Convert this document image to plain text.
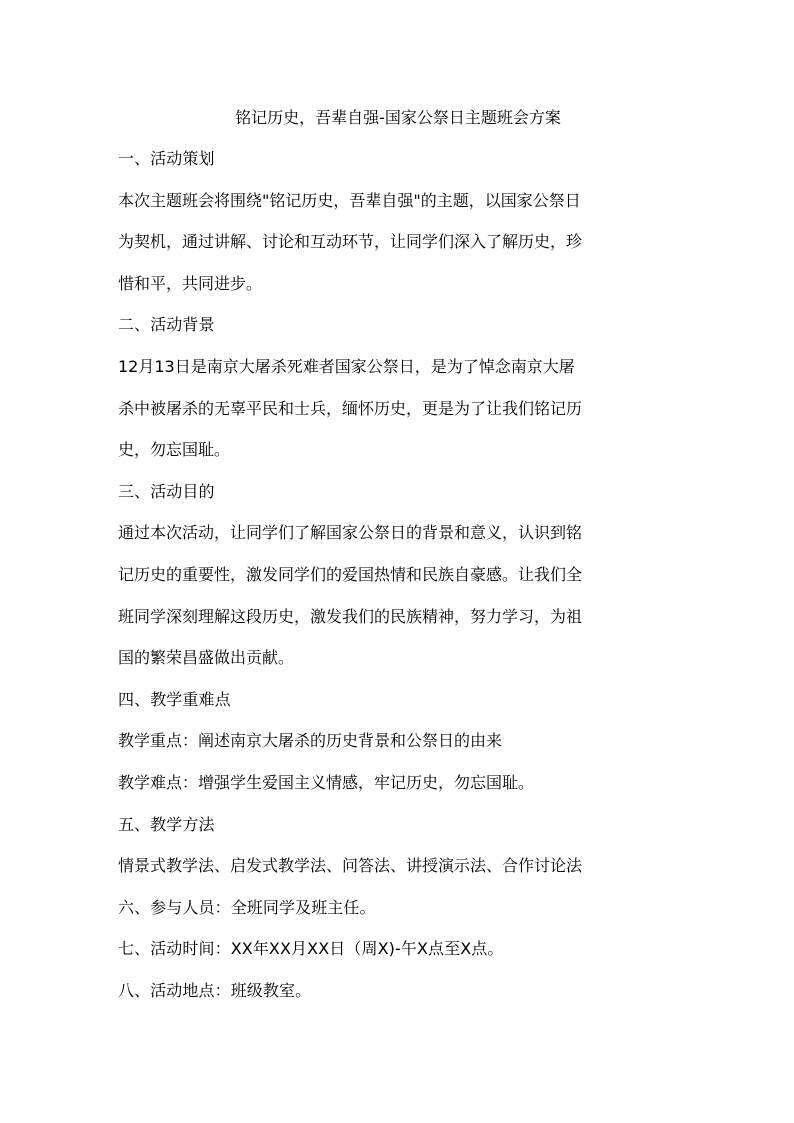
铭记历史，吾辈自强-国家公祭日主题班会方案

一、活动策划

本次主题班会将围绕"铭记历史，吾辈自强"的主题，以国家公祭日
为契机，通过讲解、讨论和互动环节，让同学们深入了解历史，珍
惜和平，共同进步。

二、活动背景

12月13日是南京大屠杀死难者国家公祭日，是为了悼念南京大屠
杀中被屠杀的无辜平民和士兵，缅怀历史，更是为了让我们铭记历
史，勿忘国耻。

三、活动目的

通过本次活动，让同学们了解国家公祭日的背景和意义，认识到铭
记历史的重要性，激发同学们的爱国热情和民族自豪感。让我们全
班同学深刻理解这段历史，激发我们的民族精神，努力学习，为祖
国的繁荣昌盛做出贡献。

四、教学重难点

教学重点：阐述南京大屠杀的历史背景和公祭日的由来
教学难点：增强学生爱国主义情感，牢记历史，勿忘国耻。

五、教学方法

情景式教学法、启发式教学法、问答法、讲授演示法、合作讨论法

六、参与人员：全班同学及班主任。

七、活动时间：XX年XX月XX日（周X)-午X点至X点。

八、活动地点：班级教室。
